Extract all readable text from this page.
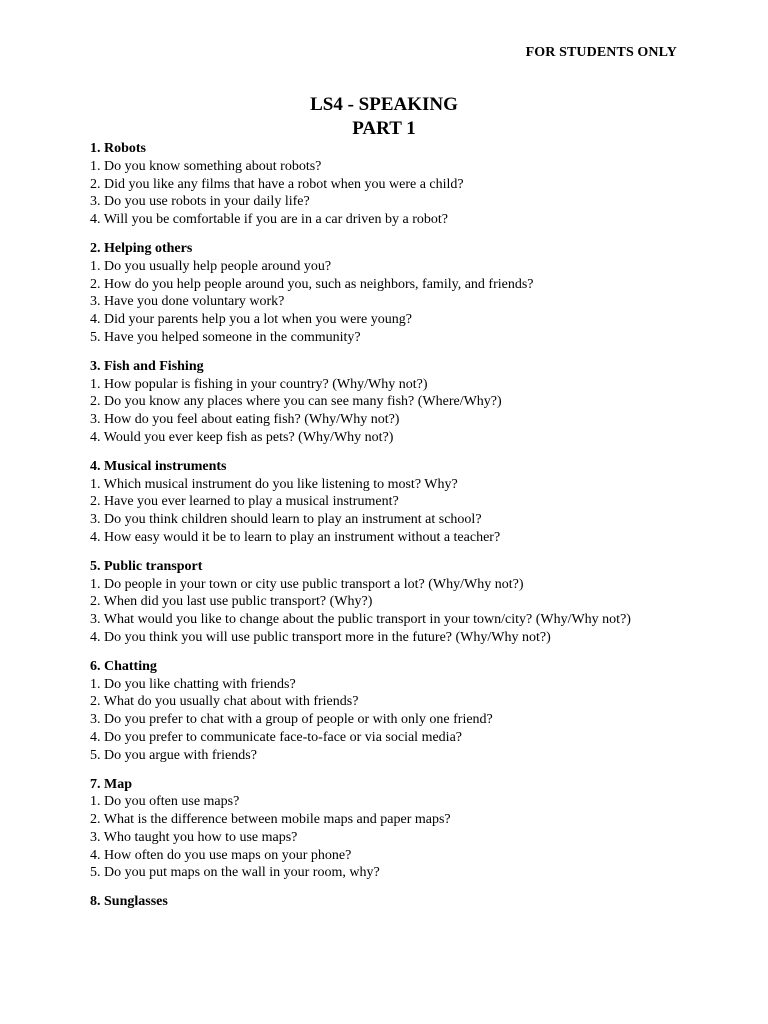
FOR STUDENTS ONLY
LS4 - SPEAKING
PART 1
1. Robots
1. Do you know something about robots?
2. Did you like any films that have a robot when you were a child?
3. Do you use robots in your daily life?
4. Will you be comfortable if you are in a car driven by a robot?
2. Helping others
1. Do you usually help people around you?
2. How do you help people around you, such as neighbors, family, and friends?
3. Have you done voluntary work?
4. Did your parents help you a lot when you were young?
5. Have you helped someone in the community?
3. Fish and Fishing
1. How popular is fishing in your country? (Why/Why not?)
2. Do you know any places where you can see many fish? (Where/Why?)
3. How do you feel about eating fish? (Why/Why not?)
4. Would you ever keep fish as pets? (Why/Why not?)
4. Musical instruments
1. Which musical instrument do you like listening to most? Why?
2. Have you ever learned to play a musical instrument?
3. Do you think children should learn to play an instrument at school?
4. How easy would it be to learn to play an instrument without a teacher?
5. Public transport
1. Do people in your town or city use public transport a lot? (Why/Why not?)
2. When did you last use public transport? (Why?)
3. What would you like to change about the public transport in your town/city? (Why/Why not?)
4. Do you think you will use public transport more in the future? (Why/Why not?)
6. Chatting
1. Do you like chatting with friends?
2. What do you usually chat about with friends?
3. Do you prefer to chat with a group of people or with only one friend?
4. Do you prefer to communicate face-to-face or via social media?
5. Do you argue with friends?
7. Map
1. Do you often use maps?
2. What is the difference between mobile maps and paper maps?
3. Who taught you how to use maps?
4. How often do you use maps on your phone?
5. Do you put maps on the wall in your room, why?
8. Sunglasses
